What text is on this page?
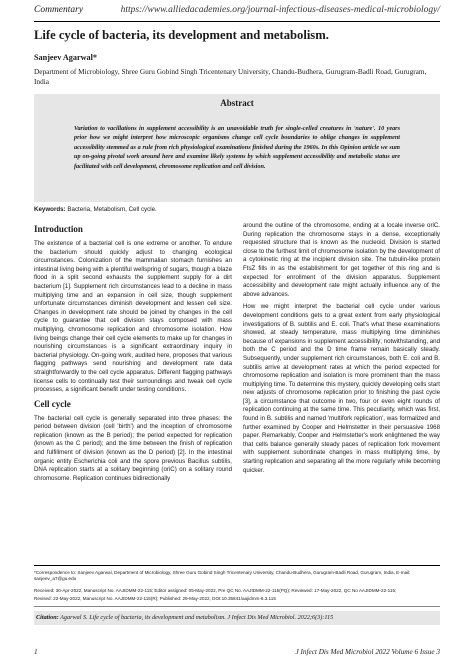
Commentary	https://www.alliedacademies.org/journal-infectious-diseases-medical-microbiology/
Life cycle of bacteria, its development and metabolism.
Sanjeev Agarwal*
Department of Microbiology, Shree Guru Gobind Singh Tricentenary University, Chandu-Budhera, Gurugram-Badli Road, Gurugram, India
Abstract
Variation to vacillations in supplement accessibility is an unavoidable truth for single-celled creatures in 'nature'. 10 years prior how we might interpret how microscopic organisms change cell cycle boundaries to oblige changes in supplement accessibility stemmed as a rule from rich physiological examinations finished during the 1960s. In this Opinion article we sum up on-going pivotal work around here and examine likely systems by which supplement accessibility and metabolic status are facilitated with cell development, chromosome replication and cell division.
Keywords: Bacteria, Metabolism, Cell cycle.
Introduction

The existence of a bacterial cell is one extreme or another. To endure the bacterium should quickly adjust to changing ecological circumstances. Colonization of the mammalian stomach furnishes an intestinal living being with a plentiful wellspring of sugars, though a blaze flood in a split second exhausts the supplement supply for a dirt bacterium [1]. Supplement rich circumstances lead to a decline in mass multiplying time and an expansion in cell size, though supplement unfortunate circumstances diminish development and lessen cell size. Changes in development rate should be joined by changes in the cell cycle to guarantee that cell division stays composed with mass multiplying, chromosome replication and chromosome isolation. How living beings change their cell cycle elements to make up for changes in nourishing circumstances is a significant extraordinary inquiry in bacterial physiology. On-going work, audited here, proposes that various flagging pathways send nourishing and development rate data straightforwardly to the cell cycle apparatus. Different flagging pathways license cells to continually test their surroundings and tweak cell cycle processes, a significant benefit under testing conditions.

Cell cycle

The bacterial cell cycle is generally separated into three phases: the period between division (cell 'birth') and the inception of chromosome replication (known as the B period); the period expected for replication (known as the C period); and the time between the finish of replication and fulfillment of division (known as the D period) [2]. In the intestinal organic entity Escherichia coli and the spore previous Bacillus subtilis, DNA replication starts at a solitary beginning (oriC) on a solitary round chromosome. Replication continues bidirectionally

around the outline of the chromosome, ending at a locale inverse oriC. During replication the chromosome stays in a dense, exceptionally requested structure that is known as the nucleoid. Division is started close to the furthest limit of chromosome isolation by the development of a cytokinetic ring at the incipient division site. The tubulin-like protein FtsZ fills in as the establishment for get together of this ring and is expected for enrollment of the division apparatus. Supplement accessibility and development rate might actually influence any of the above advances.

How we might interpret the bacterial cell cycle under various development conditions gets to a great extent from early physiological investigations of B. subtilis and E. coli. That's what these examinations showed, at steady temperature, mass multiplying time diminishes because of expansions in supplement accessibility; notwithstanding, and both the C period and the D time frame remain basically steady. Subsequently, under supplement rich circumstances, both E. coli and B. subtilis arrive at development rates at which the period expected for chromosome replication and isolation is more prominent than the mass multiplying time. To determine this mystery, quickly developing cells start new adjusts of chromosome replication prior to finishing the past cycle [3], a circumstance that outcome in two, four or even eight rounds of replication continuing at the same time. This peculiarity, which was first, found in B. subtilis and named 'multifork replication', was formalized and further examined by Cooper and Helmstetter in their persuasive 1968 paper. Remarkably, Cooper and Helmstetter's work enlightened the way that cells balance generally steady paces of replication fork movement with supplement subordinate changes in mass multiplying time, by starting replication and separating all the more regularly while becoming quicker.

*Correspondence to: Sanjeev Agarwal, Department of Microbiology, Shree Guru Gobind Singh Tricentenary University, Chandu-Budhera, Gurugram-Badli Road, Gurugram, India, E-mail: sanjeev_a7@gu.edu
Received: 30-Apr-2022, Manuscript No. AAJIDMM-22-115; Editor assigned: 05-May-2022, Pre QC No. AAJIDMM-22-115(PQ); Reviewed: 17-May-2022, QC No AAJIDMM-22-115;
Revised: 22-May-2022, Manuscript No. AAJIDMM-22-115(R); Published: 29-May-2022, DOI:10.35841/aajidmm-6.3.115
Citation: Agarwal S. Life cycle of bacteria, its development and metabolism. J Infect Dis Med Microbiol. 2022;6(3):115
1	J Infect Dis Med Microbiol 2022 Volume 6 Issue 3
